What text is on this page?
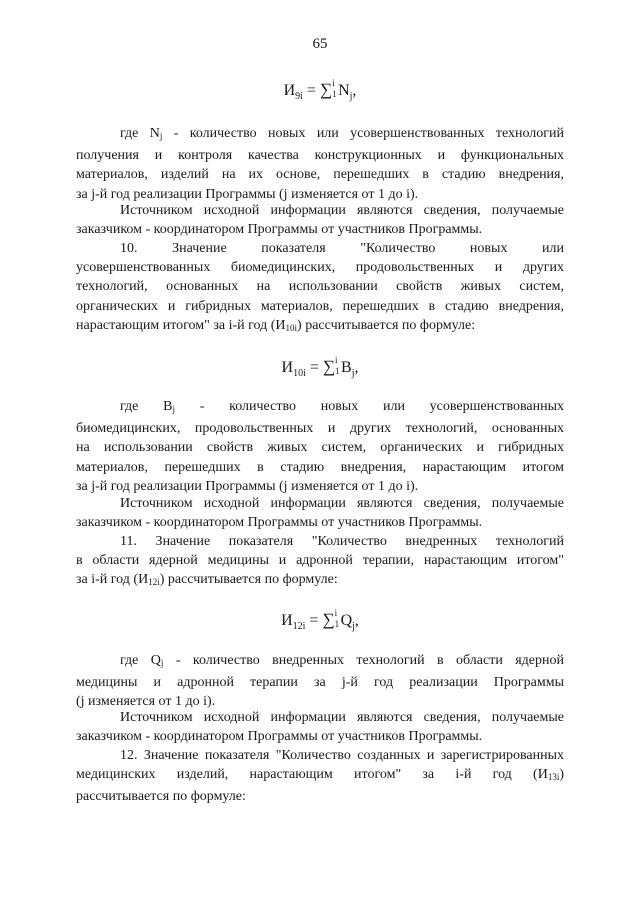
65
$И_{9i}$ = ∑ i
1 $N_j$,
где $N_j$ - количество новых или усовершенствованных технологий
получения и контроля качества конструкционных и функциональных
материалов, изделий на их основе, перешедших в стадию внедрения,
за j-й год реализации Программы (j изменяется от 1 до i).
Источником исходной информации являются сведения, получаемые
заказчиком - координатором Программы от участников Программы.
10. Значение показателя "Количество новых или
усовершенствованных биомедицинских, продовольственных и других
технологий, основанных на использовании свойств живых систем,
органических и гибридных материалов, перешедших в стадию внедрения,
нарастающим итогом" за i-й год $(И_{10i})$ рассчитывается по формуле:
$И_{10i}$ = ∑ i
1 $B_j$,
где $B_j$ - количество новых или усовершенствованных
биомедицинских, продовольственных и других технологий, основанных
на использовании свойств живых систем, органических и гибридных
материалов, перешедших в стадию внедрения, нарастающим итогом
за j-й год реализации Программы (j изменяется от 1 до i).
Источником исходной информации являются сведения, получаемые
заказчиком - координатором Программы от участников Программы.
11. Значение показателя "Количество внедренных технологий
в области ядерной медицины и адронной терапии, нарастающим итогом"
за i-й год $(И_{12i})$ рассчитывается по формуле:
$И_{12i}$ = ∑ i
1 $Q_j$,
где $Q_j$ - количество внедренных технологий в области ядерной
медицины и адронной терапии за j-й год реализации Программы
(j изменяется от 1 до i).
Источником исходной информации являются сведения, получаемые
заказчиком - координатором Программы от участников Программы.
12. Значение показателя "Количество созданных и зарегистрированных
медицинских изделий, нарастающим итогом" за i-й год $(И_{13i})$
рассчитывается по формуле:
